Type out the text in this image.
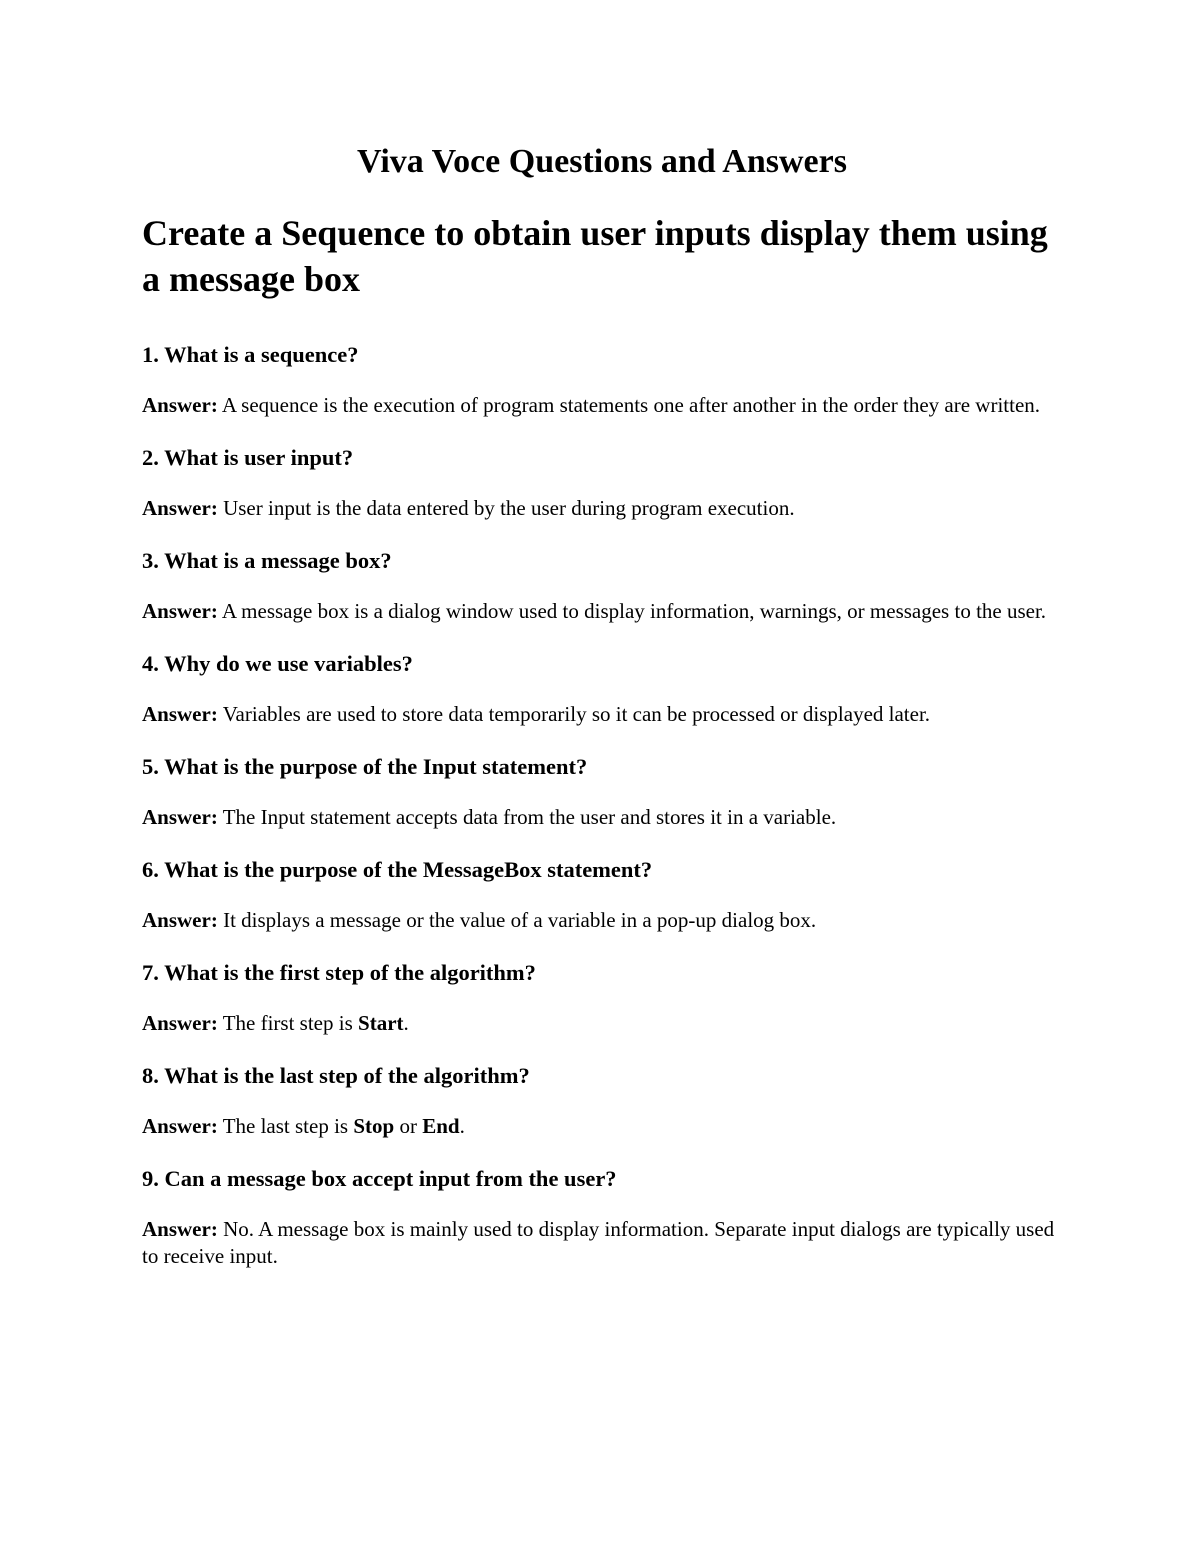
Viva Voce Questions and Answers
Create a Sequence to obtain user inputs display them using a message box

1. What is a sequence?

Answer: A sequence is the execution of program statements one after another in the order they are written.

2. What is user input?

Answer: User input is the data entered by the user during program execution.

3. What is a message box?

Answer: A message box is a dialog window used to display information, warnings, or messages to the user.

4. Why do we use variables?

Answer: Variables are used to store data temporarily so it can be processed or displayed later.

5. What is the purpose of the Input statement?

Answer: The Input statement accepts data from the user and stores it in a variable.

6. What is the purpose of the MessageBox statement?

Answer: It displays a message or the value of a variable in a pop-up dialog box.

7. What is the first step of the algorithm?

Answer: The first step is Start.

8. What is the last step of the algorithm?

Answer: The last step is Stop or End.

9. Can a message box accept input from the user?

Answer: No. A message box is mainly used to display information. Separate input dialogs are typically used to receive input.
